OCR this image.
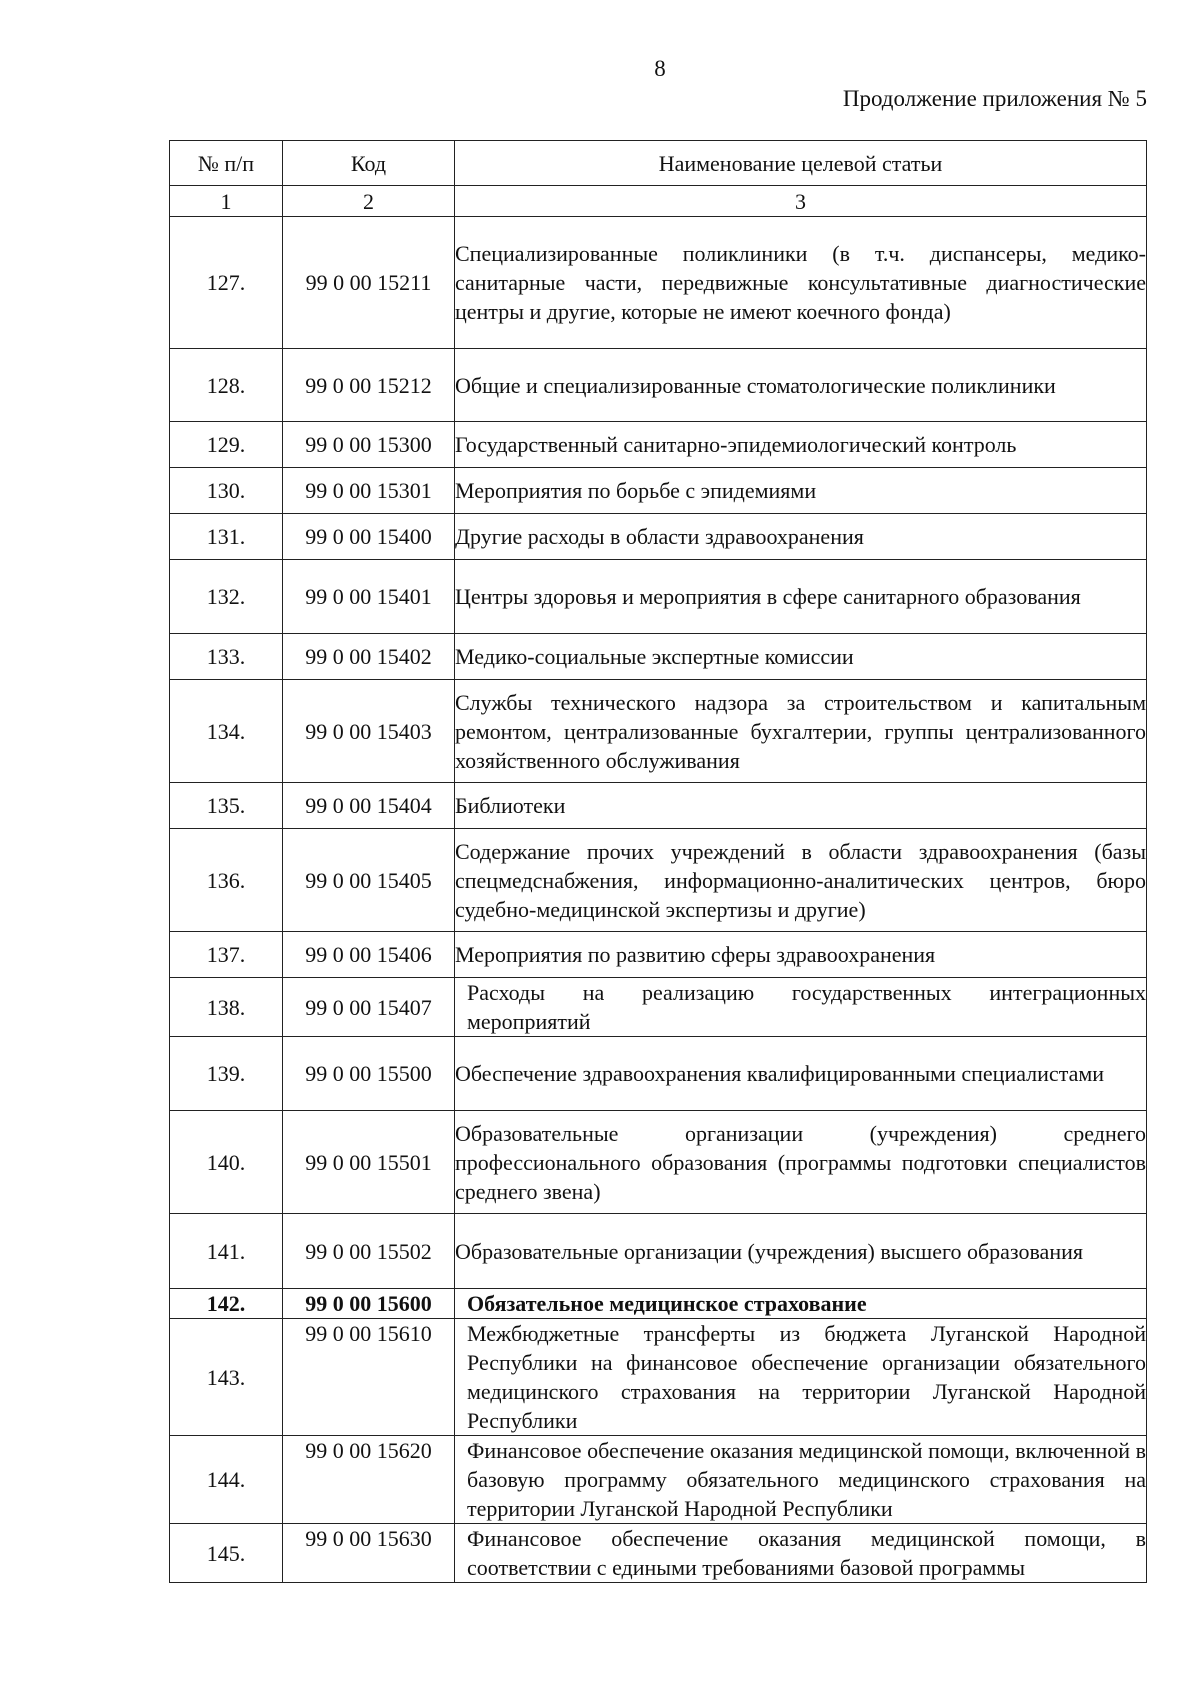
8
Продолжение приложения № 5
№ п/п	Код	Наименование целевой статьи
1	2	3
127.	99 0 00 15211	Специализированные поликлиники (в т.ч. диспансеры, медико-санитарные части, передвижные консультативные диагностические центры и другие, которые не имеют коечного фонда)

128.	99 0 00 15212	Общие и специализированные стоматологические поликлиники

129.	99 0 00 15300	Государственный санитарно-эпидемиологический контроль

130.	99 0 00 15301	Мероприятия по борьбе с эпидемиями

131.	99 0 00 15400	Другие расходы в области здравоохранения

132.	99 0 00 15401	Центры здоровья и мероприятия в сфере санитарного образования

133.	99 0 00 15402	Медико-социальные экспертные комиссии

134.	99 0 00 15403	Службы технического надзора за строительством и капитальным ремонтом, централизованные бухгалтерии, группы централизованного хозяйственного обслуживания

135.	99 0 00 15404	Библиотеки

136.	99 0 00 15405	Содержание прочих учреждений в области здравоохранения (базы спецмедснабжения, информационно-аналитических центров, бюро судебно-медицинской экспертизы и другие)

137.	99 0 00 15406	Мероприятия по развитию сферы здравоохранения

138.	99 0 00 15407	Расходы на реализацию государственных интеграционных мероприятий

139.	99 0 00 15500	Обеспечение здравоохранения квалифицированными специалистами

140.	99 0 00 15501	Образовательные организации (учреждения) среднего профессионального образования (программы подготовки специалистов среднего звена)

141.	99 0 00 15502	Образовательные организации (учреждения) высшего образования

142.	99 0 00 15600	Обязательное медицинское страхование

143.	99 0 00 15610	Межбюджетные трансферты из бюджета Луганской Народной Республики на финансовое обеспечение организации обязательного медицинского страхования на территории Луганской Народной Республики

144.	99 0 00 15620	Финансовое обеспечение оказания медицинской помощи, включенной в базовую программу обязательного медицинского страхования на территории Луганской Народной Республики

145.	99 0 00 15630	Финансовое обеспечение оказания медицинской помощи, в соответствии с едиными требованиями базовой программы
